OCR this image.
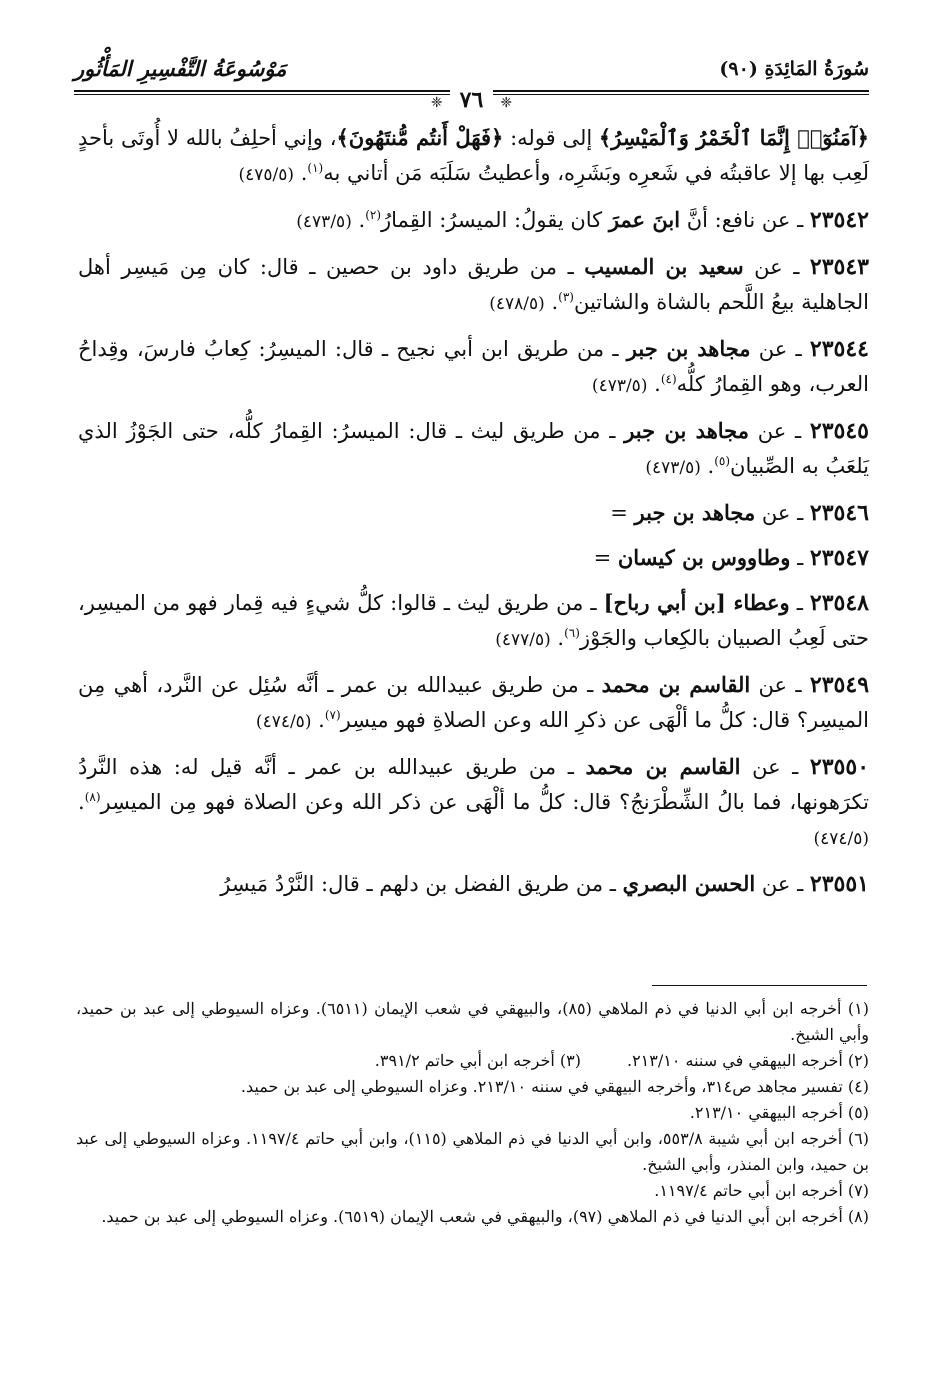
سُورَةُ المَائِدَةِ (٩٠)
مَوْسُوعَةُ التَّفْسِيرِ المَأْثُور
❈ ٧٦ ❈

﴿آمَنُوٓا۟ إِنَّمَا ٱلْخَمْرُ وَٱلْمَيْسِرُ﴾ إلى قوله: ﴿فَهَلْ أَنتُم مُّنتَهُونَ﴾، وإني أحلِفُ بالله لا أُوتَى بأحدٍ لَعِب بها إلا عاقبتُه في شَعرِه وبَشَرِه، وأعطيتُ سَلَبَه مَن أتاني به$^{(١)}$. (٤٧٥/٥)

٢٣٥٤٢ ـ عن نافع: أنَّ ابنَ عمرَ كان يقولُ: الميسرُ: القِمارُ$^{(٢)}$. (٤٧٣/٥)

٢٣٥٤٣ ـ عن سعيد بن المسيب ـ من طريق داود بن حصين ـ قال: كان مِن مَيسِر أهل الجاهلية بيعُ اللَّحم بالشاة والشاتين$^{(٣)}$. (٤٧٨/٥)

٢٣٥٤٤ ـ عن مجاهد بن جبر ـ من طريق ابن أبي نجيح ـ قال: الميسِرُ: كِعابُ فارسَ، وقِداحُ العرب، وهو القِمارُ كلُّه$^{(٤)}$. (٤٧٣/٥)

٢٣٥٤٥ ـ عن مجاهد بن جبر ـ من طريق ليث ـ قال: الميسرُ: القِمارُ كلُّه، حتى الجَوْزُ الذي يَلعَبُ به الصِّبيان$^{(٥)}$. (٤٧٣/٥)

٢٣٥٤٦ ـ عن مجاهد بن جبر =

٢٣٥٤٧ ـ وطاووس بن كيسان =

٢٣٥٤٨ ـ وعطاء [بن أبي رباح] ـ من طريق ليث ـ قالوا: كلُّ شيءٍ فيه قِمار فهو من الميسِر، حتى لَعِبُ الصبيان بالكِعاب والجَوْز$^{(٦)}$. (٤٧٧/٥)

٢٣٥٤٩ ـ عن القاسم بن محمد ـ من طريق عبيدالله بن عمر ـ أنَّه سُئِل عن النَّرد، أهي مِن الميسِر؟ قال: كلُّ ما ألْهَى عن ذكرِ الله وعن الصلاةِ فهو ميسِر$^{(٧)}$. (٤٧٤/٥)

٢٣٥٥٠ ـ عن القاسم بن محمد ـ من طريق عبيدالله بن عمر ـ أنَّه قيل له: هذه النَّردُ تكرَهونها، فما بالُ الشِّطْرَنجُ؟ قال: كلُّ ما ألْهَى عن ذكر الله وعن الصلاة فهو مِن الميسِر$^{(٨)}$. (٤٧٤/٥)

٢٣٥٥١ ـ عن الحسن البصري ـ من طريق الفضل بن دلهم ـ قال: النَّرْدُ مَيسِرُ

(١) أخرجه ابن أبي الدنيا في ذم الملاهي (٨٥)، والبيهقي في شعب الإيمان (٦٥١١). وعزاه السيوطي إلى عبد بن حميد، وأبي الشيخ.

(٢) أخرجه البيهقي في سننه ٢١٣/١٠.

(٣) أخرجه ابن أبي حاتم ٣٩١/٢.

(٤) تفسير مجاهد ص٣١٤، وأخرجه البيهقي في سننه ٢١٣/١٠. وعزاه السيوطي إلى عبد بن حميد.

(٥) أخرجه البيهقي ٢١٣/١٠.

(٦) أخرجه ابن أبي شيبة ٥٥٣/٨، وابن أبي الدنيا في ذم الملاهي (١١٥)، وابن أبي حاتم ١١٩٧/٤. وعزاه السيوطي إلى عبد بن حميد، وابن المنذر، وأبي الشيخ.

(٧) أخرجه ابن أبي حاتم ١١٩٧/٤.

(٨) أخرجه ابن أبي الدنيا في ذم الملاهي (٩٧)، والبيهقي في شعب الإيمان (٦٥١٩). وعزاه السيوطي إلى عبد بن حميد.
